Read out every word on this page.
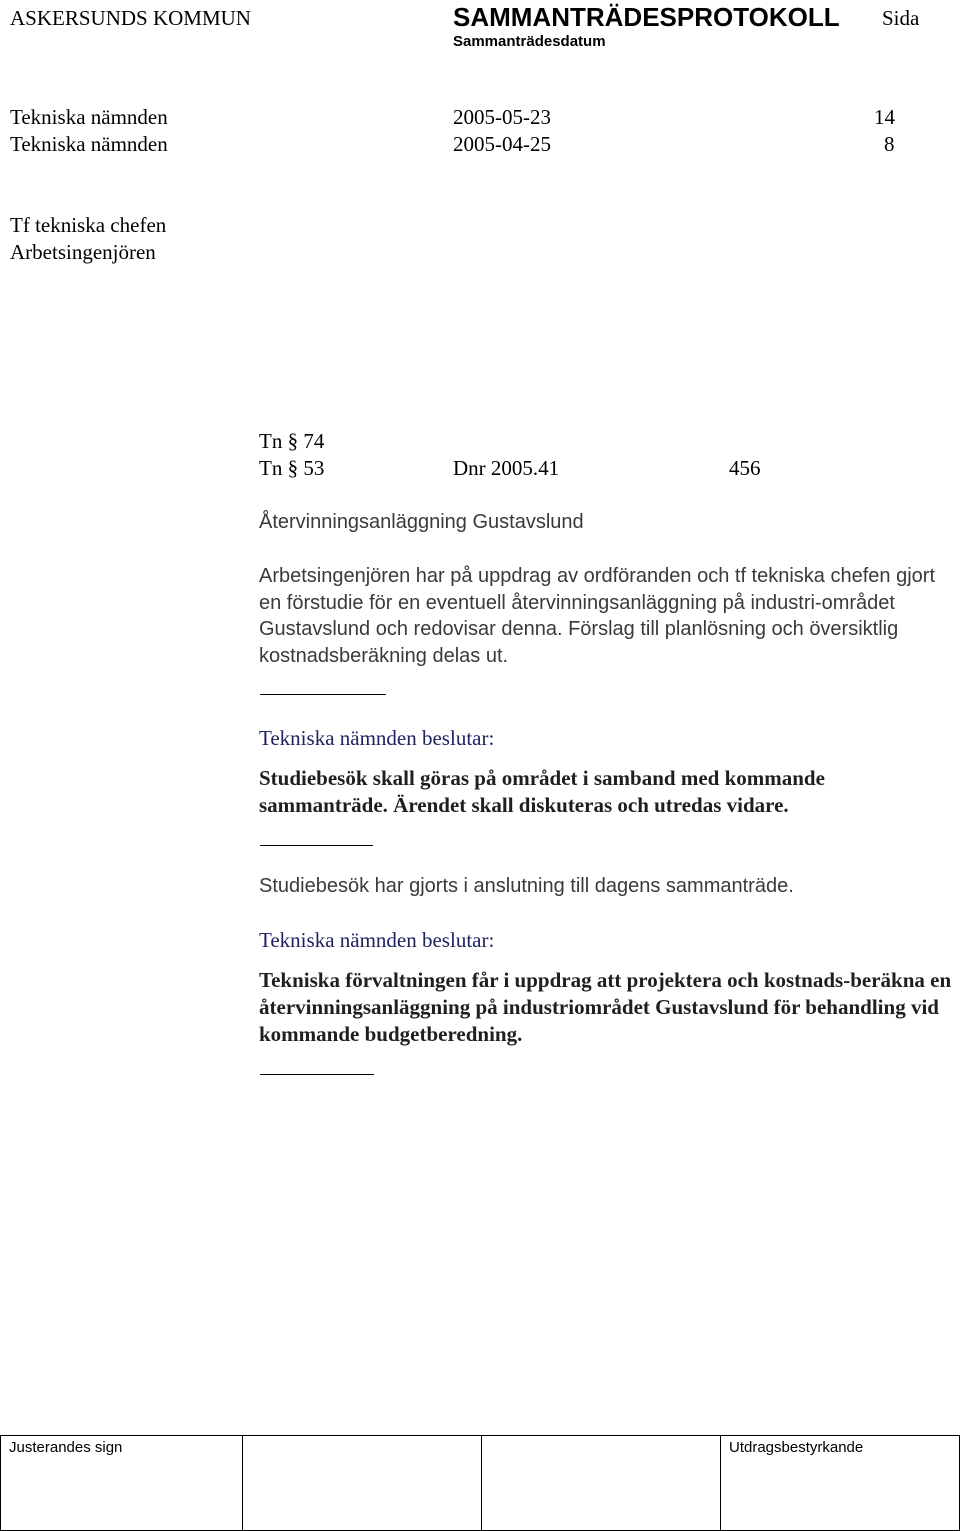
ASKERSUNDS KOMMUN	SAMMANTRÄDESPROTOKOLL Sida
Sammanträdesdatum
Tekniska nämnden	2005-05-23	14
Tekniska nämnden	2005-04-25	8
Tf tekniska chefen
Arbetsingenjören
Tn § 74
Tn § 53	Dnr 2005.41	456
Återvinningsanläggning Gustavslund
Arbetsingenjören har på uppdrag av ordföranden och tf tekniska chefen gjort en förstudie för en eventuell återvinningsanläggning på industri-området Gustavslund och redovisar denna. Förslag till planlösning och översiktlig kostnadsberäkning delas ut.
Tekniska nämnden beslutar:
Studiebesök skall göras på området i samband med kommande sammanträde. Ärendet skall diskuteras och utredas vidare.
Studiebesök har gjorts i anslutning till dagens sammanträde.
Tekniska nämnden beslutar:
Tekniska förvaltningen får i uppdrag att projektera och kostnads-beräkna en återvinningsanläggning på industriområdet Gustavslund för behandling vid kommande budgetberedning.
Justerandes sign			Utdragsbestyrkande
